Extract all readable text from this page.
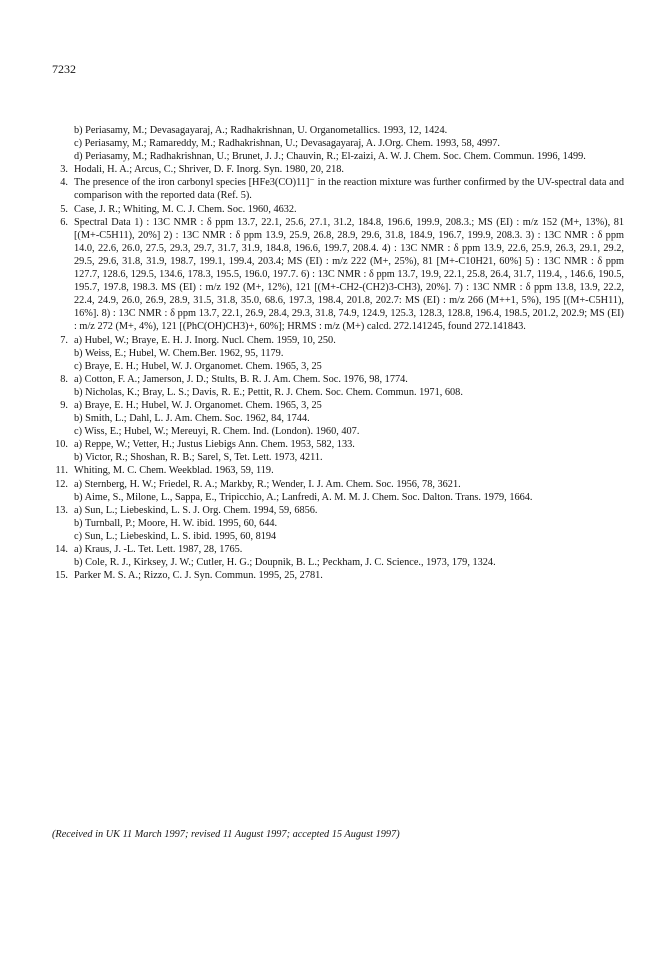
7232
b) Periasamy, M.; Devasagayaraj, A.; Radhakrishnan, U. Organometallics. 1993, 12, 1424.
c) Periasamy, M.; Ramareddy, M.; Radhakrishnan, U.; Devasagayaraj, A. J.Org. Chem. 1993, 58, 4997.
d) Periasamy, M.; Radhakrishnan, U.; Brunet, J. J.; Chauvin, R.; El-zaizi, A. W. J. Chem. Soc. Chem. Commun. 1996, 1499.
3. Hodali, H. A.; Arcus, C.; Shriver, D. F. Inorg. Syn. 1980, 20, 218.
4. The presence of the iron carbonyl species [HFe3(CO)11]⁻ in the reaction mixture was further confirmed by the UV-spectral data and comparison with the reported data (Ref. 5).
5. Case, J. R.; Whiting, M. C. J. Chem. Soc. 1960, 4632.
6. Spectral Data 1) : 13C NMR : δ ppm 13.7, 22.1, 25.6, 27.1, 31.2, 184.8, 196.6, 199.9, 208.3.; MS (EI) : m/z 152 (M+, 13%), 81 [(M+-C5H11), 20%] 2) : 13C NMR : δ ppm 13.9, 25.9, 26.8, 28.9, 29.6, 31.8, 184.9, 196.7, 199.9, 208.3. 3) : 13C NMR : δ ppm 14.0, 22.6, 26.0, 27.5, 29.3, 29.7, 31.7, 31.9, 184.8, 196.6, 199.7, 208.4. 4) : 13C NMR : δ ppm 13.9, 22.6, 25.9, 26.3, 29.1, 29.2, 29.5, 29.6, 31.8, 31.9, 198.7, 199.1, 199.4, 203.4; MS (EI) : m/z 222 (M+, 25%), 81 [M+-C10H21, 60%] 5) : 13C NMR : δ ppm 127.7, 128.6, 129.5, 134.6, 178.3, 195.5, 196.0, 197.7. 6) : 13C NMR : δ ppm 13.7, 19.9, 22.1, 25.8, 26.4, 31.7, 119.4, , 146.6, 190.5, 195.7, 197.8, 198.3. MS (EI) : m/z 192 (M+, 12%), 121 [(M+-CH2-(CH2)3-CH3), 20%]. 7) : 13C NMR : δ ppm 13.8, 13.9, 22.2, 22.4, 24.9, 26.0, 26.9, 28.9, 31.5, 31.8, 35.0, 68.6, 197.3, 198.4, 201.8, 202.7: MS (EI) : m/z 266 (M++1, 5%), 195 [(M+-C5H11), 16%]. 8) : 13C NMR : δ ppm 13.7, 22.1, 26.9, 28.4, 29.3, 31.8, 74.9, 124.9, 125.3, 128.3, 128.8, 196.4, 198.5, 201.2, 202.9; MS (EI) : m/z 272 (M+, 4%), 121 [(PhC(OH)CH3)+, 60%]; HRMS : m/z (M+) calcd. 272.141245, found 272.141843.
7. a) Hubel, W.; Braye, E. H. J. Inorg. Nucl. Chem. 1959, 10, 250.
b) Weiss, E.; Hubel, W. Chem.Ber. 1962, 95, 1179.
c) Braye, E. H.; Hubel, W. J. Organomet. Chem. 1965, 3, 25
8. a) Cotton, F. A.; Jamerson, J. D.; Stults, B. R. J. Am. Chem. Soc. 1976, 98, 1774.
b) Nicholas, K.; Bray, L. S.; Davis, R. E.; Pettit, R. J. Chem. Soc. Chem. Commun. 1971, 608.
9. a) Braye, E. H.; Hubel, W. J. Organomet. Chem. 1965, 3, 25
b) Smith, L.; Dahl, L. J. Am. Chem. Soc. 1962, 84, 1744.
c) Wiss, E.; Hubel, W.; Mereuyi, R. Chem. Ind. (London). 1960, 407.
10. a) Reppe, W.; Vetter, H.; Justus Liebigs Ann. Chem. 1953, 582, 133.
b) Victor, R.; Shoshan, R. B.; Sarel, S, Tet. Lett. 1973, 4211.
11. Whiting, M. C. Chem. Weekblad. 1963, 59, 119.
12. a) Sternberg, H. W.; Friedel, R. A.; Markby, R.; Wender, I. J. Am. Chem. Soc. 1956, 78, 3621.
b) Aime, S., Milone, L., Sappa, E., Tripicchio, A.; Lanfredi, A. M. M. J. Chem. Soc. Dalton. Trans. 1979, 1664.
13. a) Sun, L.; Liebeskind, L. S. J. Org. Chem. 1994, 59, 6856.
b) Turnball, P.; Moore, H. W. ibid. 1995, 60, 644.
c) Sun, L.; Liebeskind, L. S. ibid. 1995, 60, 8194
14. a) Kraus, J. -L. Tet. Lett. 1987, 28, 1765.
b) Cole, R. J., Kirksey, J. W.; Cutler, H. G.; Doupnik, B. L.; Peckham, J. C. Science., 1973, 179, 1324.
15. Parker M. S. A.; Rizzo, C. J. Syn. Commun. 1995, 25, 2781.
(Received in UK 11 March 1997; revised 11 August 1997; accepted 15 August 1997)
